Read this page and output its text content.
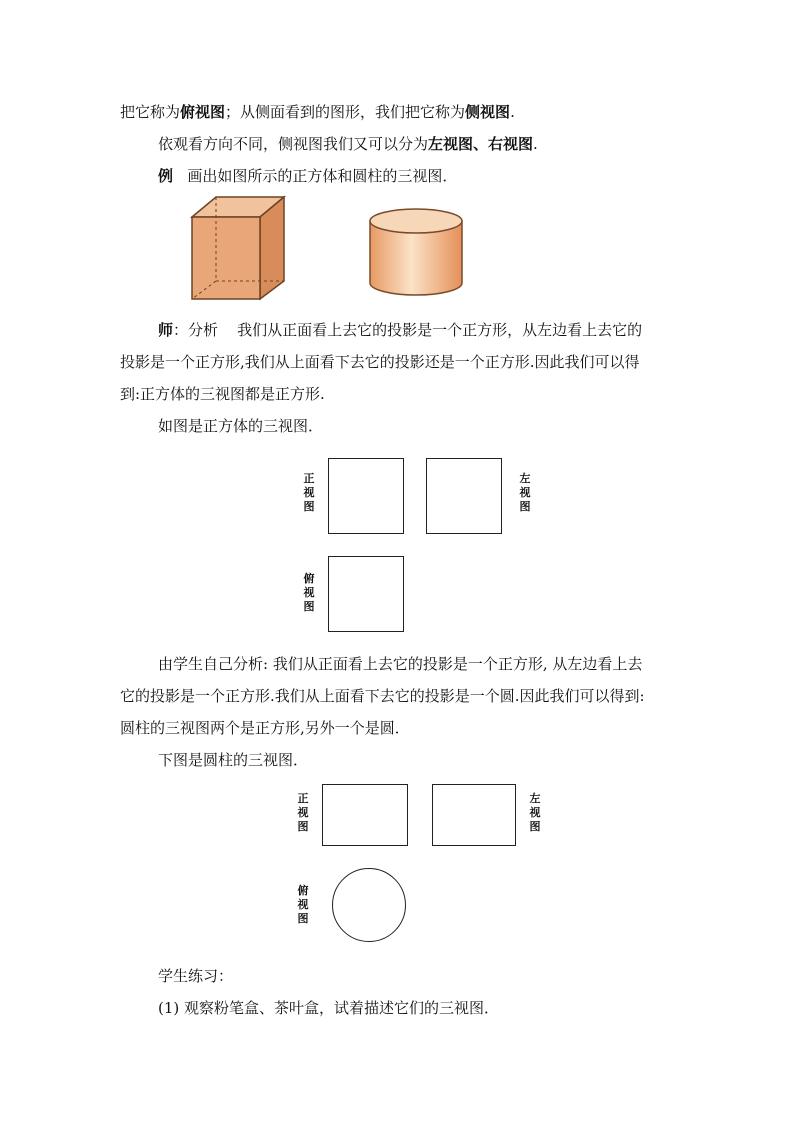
把它称为俯视图；从侧面看到的图形，我们把它称为侧视图.
依观看方向不同，侧视图我们又可以分为左视图、右视图.
例   画出如图所示的正方体和圆柱的三视图．
师：分析    我们从正面看上去它的投影是一个正方形，从左边看上去它的
投影是一个正方形,我们从上面看下去它的投影还是一个正方形.因此我们可以得
到:正方体的三视图都是正方形.
如图是正方体的三视图．
正
视
图
左
视
图
俯
视
图
由学生自己分析: 我们从正面看上去它的投影是一个正方形, 从左边看上去
它的投影是一个正方形.我们从上面看下去它的投影是一个圆.因此我们可以得到:
圆柱的三视图两个是正方形,另外一个是圆．
下图是圆柱的三视图．
正
视
图
左
视
图
俯
视
图
学生练习：
(1) 观察粉笔盒、茶叶盒，试着描述它们的三视图．
